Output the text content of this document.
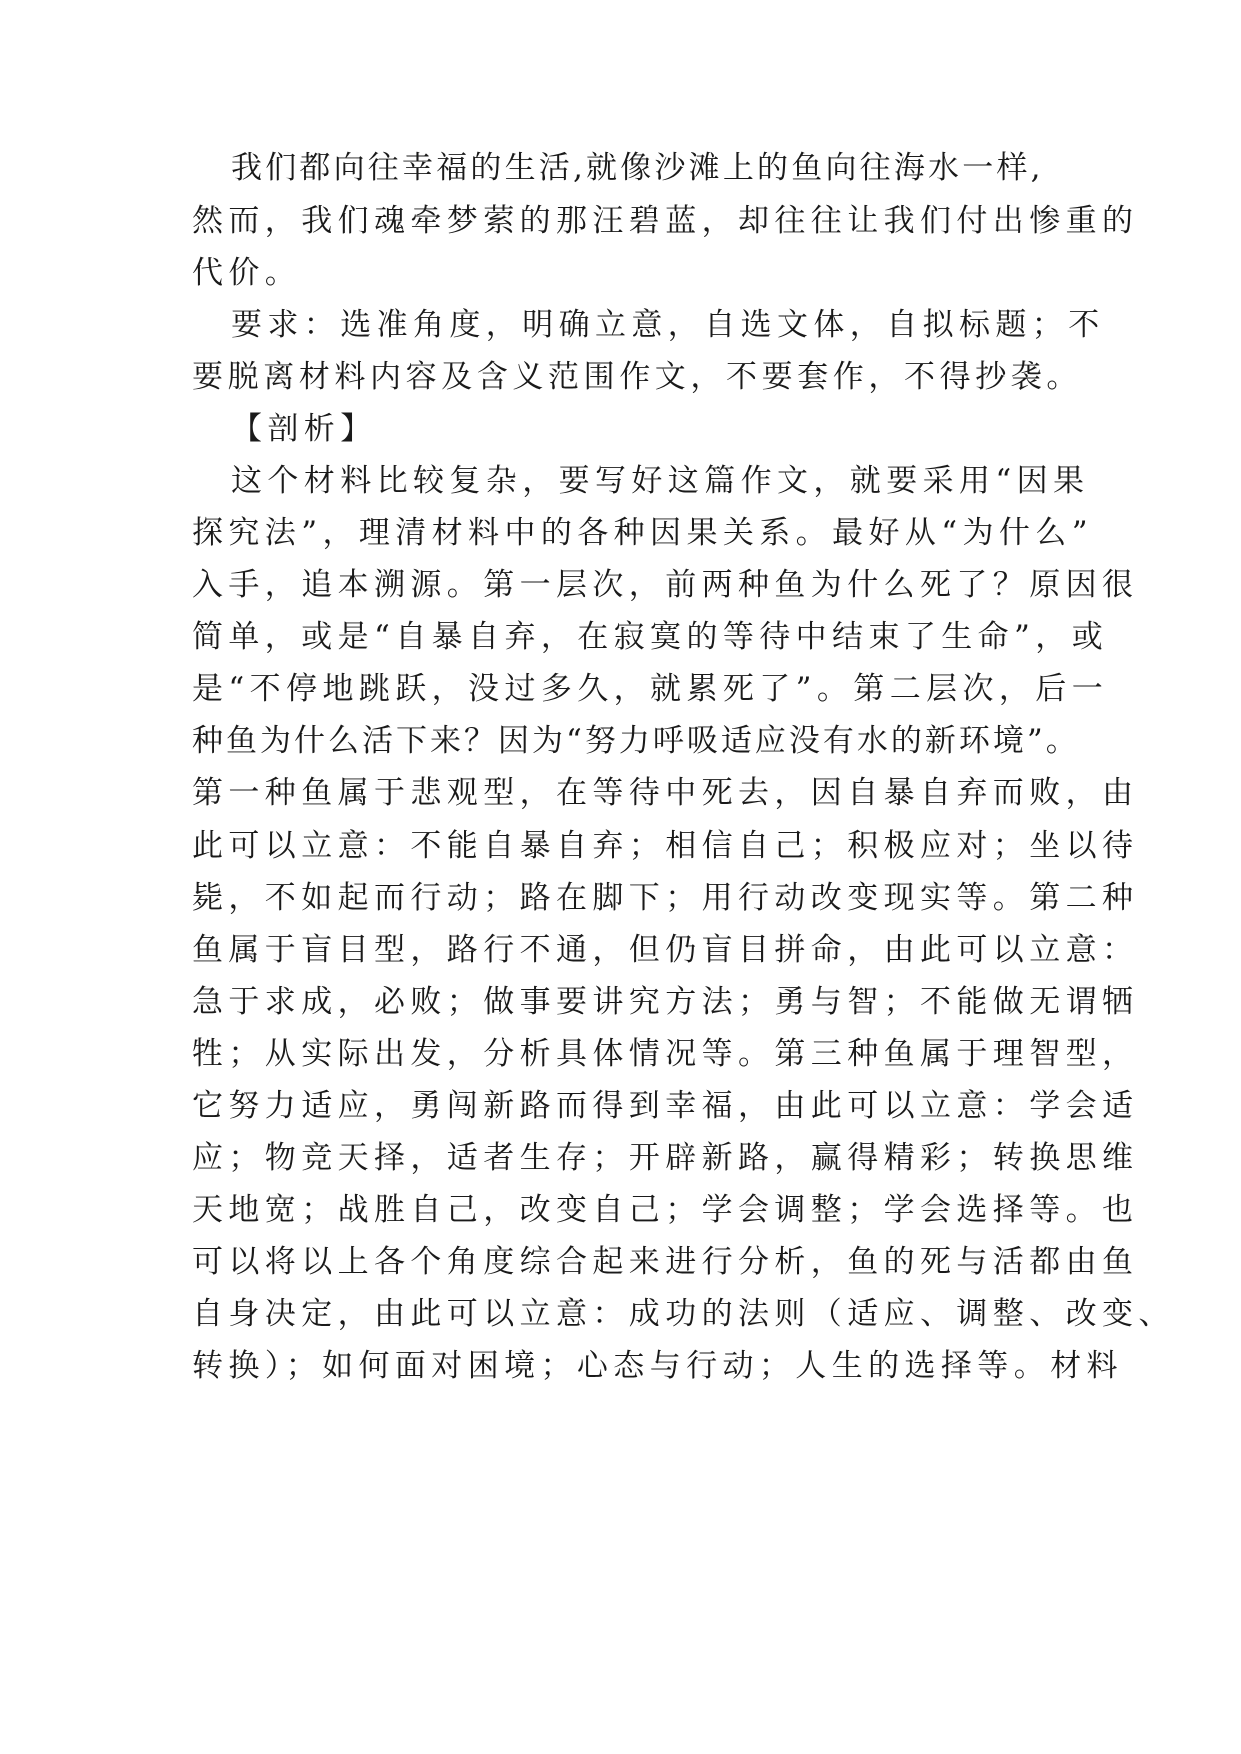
我们都向往幸福的生活,就像沙滩上的鱼向往海水一样,
然而，我们魂牵梦萦的那汪碧蓝，却往往让我们付出惨重的
代价。
要求：选准角度，明确立意，自选文体，自拟标题；不
要脱离材料内容及含义范围作文，不要套作，不得抄袭。
【剖析】
这个材料比较复杂，要写好这篇作文，就要采用“因果
探究法”，理清材料中的各种因果关系。最好从“为什么”
入手，追本溯源。第一层次，前两种鱼为什么死了？原因很
简单，或是“自暴自弃，在寂寞的等待中结束了生命”，或
是“不停地跳跃，没过多久，就累死了”。第二层次，后一
种鱼为什么活下来？因为“努力呼吸适应没有水的新环境”。
第一种鱼属于悲观型，在等待中死去，因自暴自弃而败，由
此可以立意：不能自暴自弃；相信自己；积极应对；坐以待
毙，不如起而行动；路在脚下；用行动改变现实等。第二种
鱼属于盲目型，路行不通，但仍盲目拼命，由此可以立意：
急于求成，必败；做事要讲究方法；勇与智；不能做无谓牺
牲；从实际出发，分析具体情况等。第三种鱼属于理智型，
它努力适应，勇闯新路而得到幸福，由此可以立意：学会适
应；物竞天择，适者生存；开辟新路，赢得精彩；转换思维
天地宽；战胜自己，改变自己；学会调整；学会选择等。也
可以将以上各个角度综合起来进行分析，鱼的死与活都由鱼
自身决定，由此可以立意：成功的法则（适应、调整、改变、
转换）；如何面对困境；心态与行动；人生的选择等。材料
